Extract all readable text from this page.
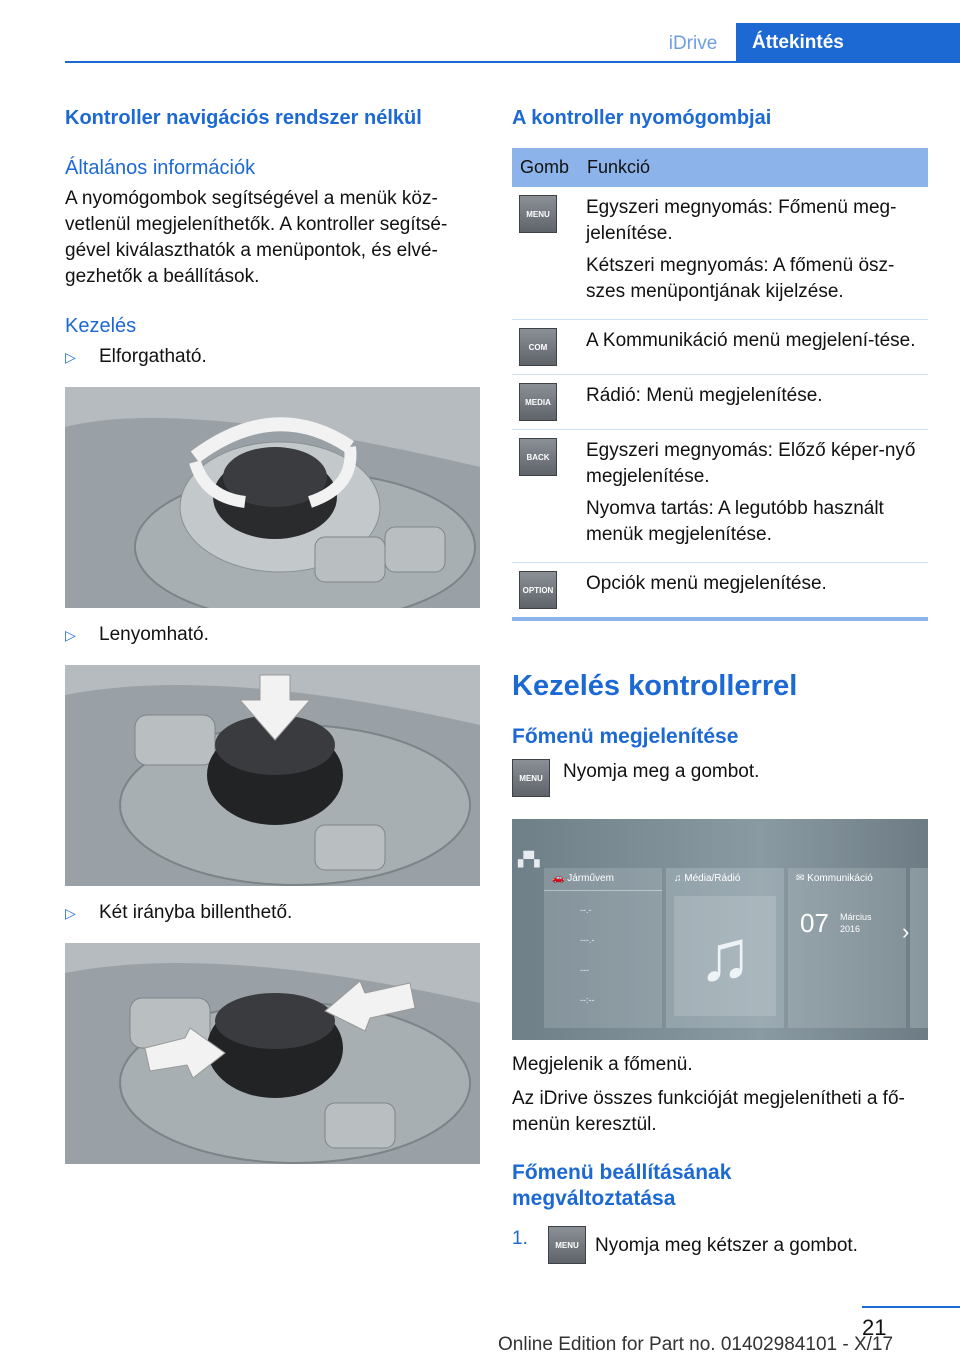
iDrive	Áttekintés
Kontroller navigációs rendszer nélkül
Általános információk

A nyomógombok segítségével a menük köz-vetlenül megjeleníthetők. A kontroller segítsé-gével kiválaszthatók a menüpontok, és elvé-gezhetők a beállítások.

Kezelés
▷	Elforgatható.
▷	Lenyomható.
▷	Két irányba billenthető.
A kontroller nyomógombjai
Gomb Funkció
MENU	Egyszeri megnyomás: Főmenü meg-jelenítése.

Kétszeri megnyomás: A főmenü ösz-szes menüpontjának kijelzése.

COM	A Kommunikáció menü megjelení-tése.

MEDIA	Rádió: Menü megjelenítése.

BACK	Egyszeri megnyomás: Előző képer-nyő megjelenítése.

Nyomva tartás: A legutóbb használt menük megjelenítése.

OPTION Opciók menü megjelenítése.

Kezelés kontrollerrel
Főmenü megjelenítése
MENU	Nyomja meg a gombot.
▞▚
🚗 Járművem
--.-
---.-
---
--:--
♫ Média/Rádió
♫
✉ Kommunikáció
07 Március
2016 ›

Megjelenik a főmenü.

Az iDrive összes funkcióját megjelenítheti a fő-menün keresztül.

Főmenü beállításának megváltoztatása
1.	MENU Nyomja meg kétszer a gombot.
21
Online Edition for Part no. 01402984101 - X/17
